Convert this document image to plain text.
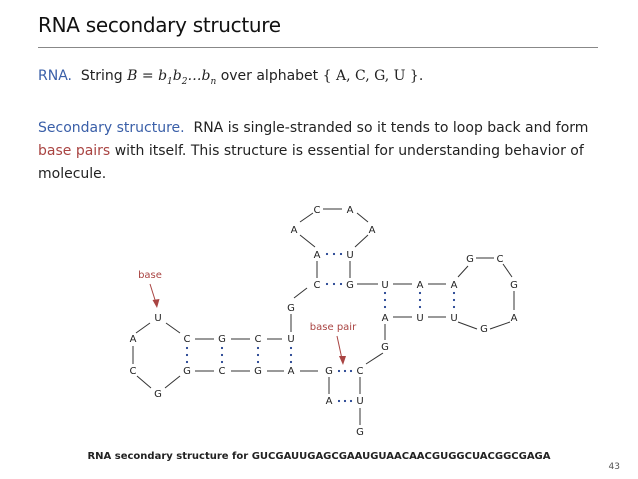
RNA secondary structure
RNA. String $B = b_1b_2\dots b_n$ over alphabet { A, C, G, U }.
Secondary structure. RNA is single-stranded so it tends to loop back and form base pairs with itself. This structure is essential for understanding behavior of molecule.
U
A	C	G	C	U
C	G	C	G	A
G
G
C	G
A	U
A	A
C	A
U	A	A
A	U	U
G C
G
A
G
G
G C
A U
G
base
base pair
RNA secondary structure for GUCGAUUGAGCGAAUGUAACAACGUGGCUACGGCGAGA
43
